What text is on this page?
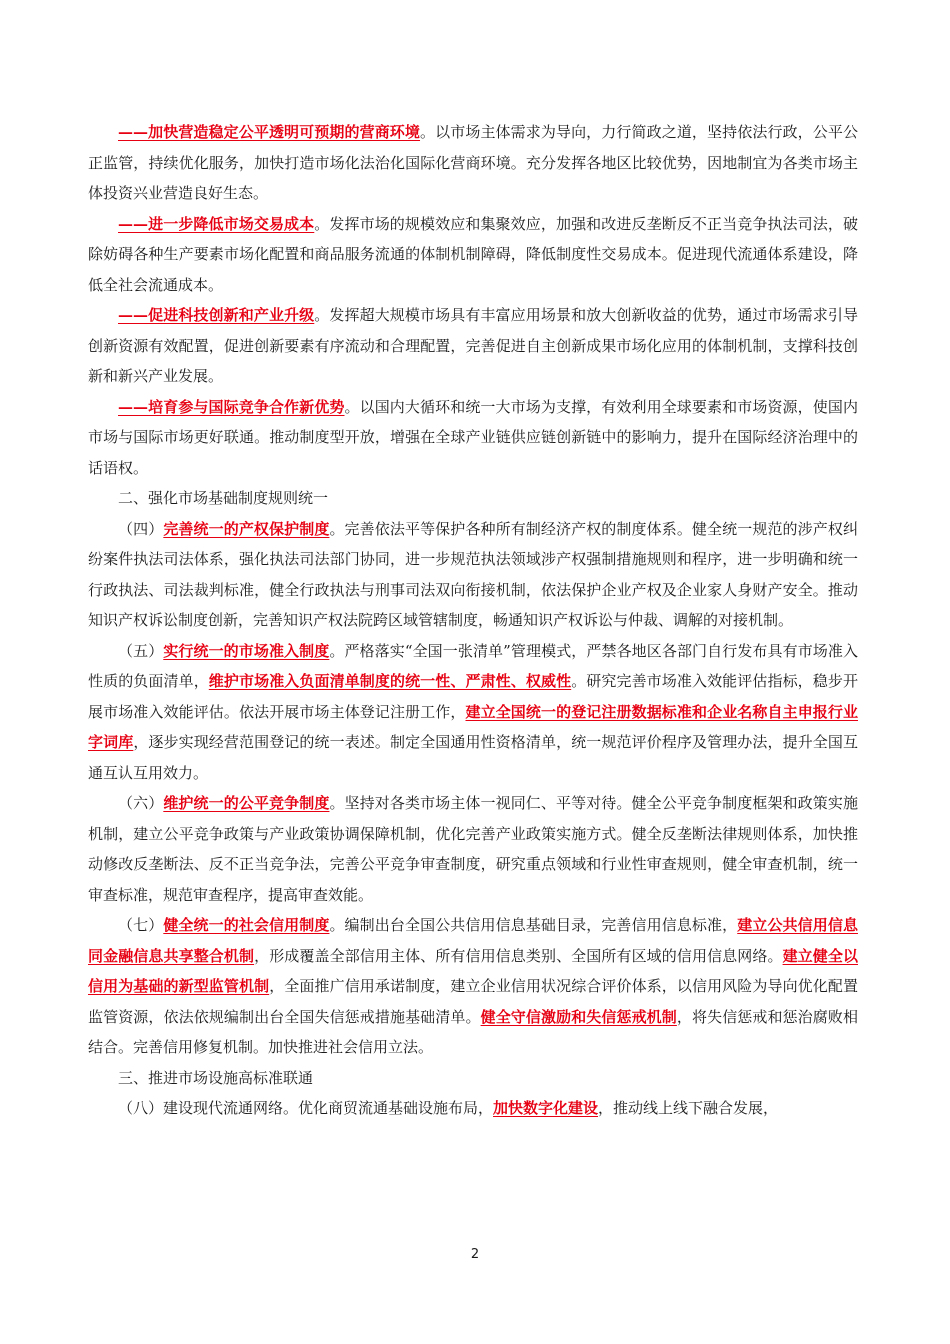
——加快营造稳定公平透明可预期的营商环境。以市场主体需求为导向，力行简政之道，坚持依法行政，公平公正监管，持续优化服务，加快打造市场化法治化国际化营商环境。充分发挥各地区比较优势，因地制宜为各类市场主体投资兴业营造良好生态。

——进一步降低市场交易成本。发挥市场的规模效应和集聚效应，加强和改进反垄断反不正当竞争执法司法，破除妨碍各种生产要素市场化配置和商品服务流通的体制机制障碍，降低制度性交易成本。促进现代流通体系建设，降低全社会流通成本。

——促进科技创新和产业升级。发挥超大规模市场具有丰富应用场景和放大创新收益的优势，通过市场需求引导创新资源有效配置，促进创新要素有序流动和合理配置，完善促进自主创新成果市场化应用的体制机制，支撑科技创新和新兴产业发展。

——培育参与国际竞争合作新优势。以国内大循环和统一大市场为支撑，有效利用全球要素和市场资源，使国内市场与国际市场更好联通。推动制度型开放，增强在全球产业链供应链创新链中的影响力，提升在国际经济治理中的话语权。

二、强化市场基础制度规则统一

（四）完善统一的产权保护制度。完善依法平等保护各种所有制经济产权的制度体系。健全统一规范的涉产权纠纷案件执法司法体系，强化执法司法部门协同，进一步规范执法领域涉产权强制措施规则和程序，进一步明确和统一行政执法、司法裁判标准，健全行政执法与刑事司法双向衔接机制，依法保护企业产权及企业家人身财产安全。推动知识产权诉讼制度创新，完善知识产权法院跨区域管辖制度，畅通知识产权诉讼与仲裁、调解的对接机制。

（五）实行统一的市场准入制度。严格落实“全国一张清单”管理模式，严禁各地区各部门自行发布具有市场准入性质的负面清单，维护市场准入负面清单制度的统一性、严肃性、权威性。研究完善市场准入效能评估指标，稳步开展市场准入效能评估。依法开展市场主体登记注册工作，建立全国统一的登记注册数据标准和企业名称自主申报行业字词库，逐步实现经营范围登记的统一表述。制定全国通用性资格清单，统一规范评价程序及管理办法，提升全国互通互认互用效力。

（六）维护统一的公平竞争制度。坚持对各类市场主体一视同仁、平等对待。健全公平竞争制度框架和政策实施机制，建立公平竞争政策与产业政策协调保障机制，优化完善产业政策实施方式。健全反垄断法律规则体系，加快推动修改反垄断法、反不正当竞争法，完善公平竞争审查制度，研究重点领域和行业性审查规则，健全审查机制，统一审查标准，规范审查程序，提高审查效能。

（七）健全统一的社会信用制度。编制出台全国公共信用信息基础目录，完善信用信息标准，建立公共信用信息同金融信息共享整合机制，形成覆盖全部信用主体、所有信用信息类别、全国所有区域的信用信息网络。建立健全以信用为基础的新型监管机制，全面推广信用承诺制度，建立企业信用状况综合评价体系，以信用风险为导向优化配置监管资源，依法依规编制出台全国失信惩戒措施基础清单。健全守信激励和失信惩戒机制，将失信惩戒和惩治腐败相结合。完善信用修复机制。加快推进社会信用立法。

三、推进市场设施高标准联通

（八）建设现代流通网络。优化商贸流通基础设施布局，加快数字化建设，推动线上线下融合发展，

2
